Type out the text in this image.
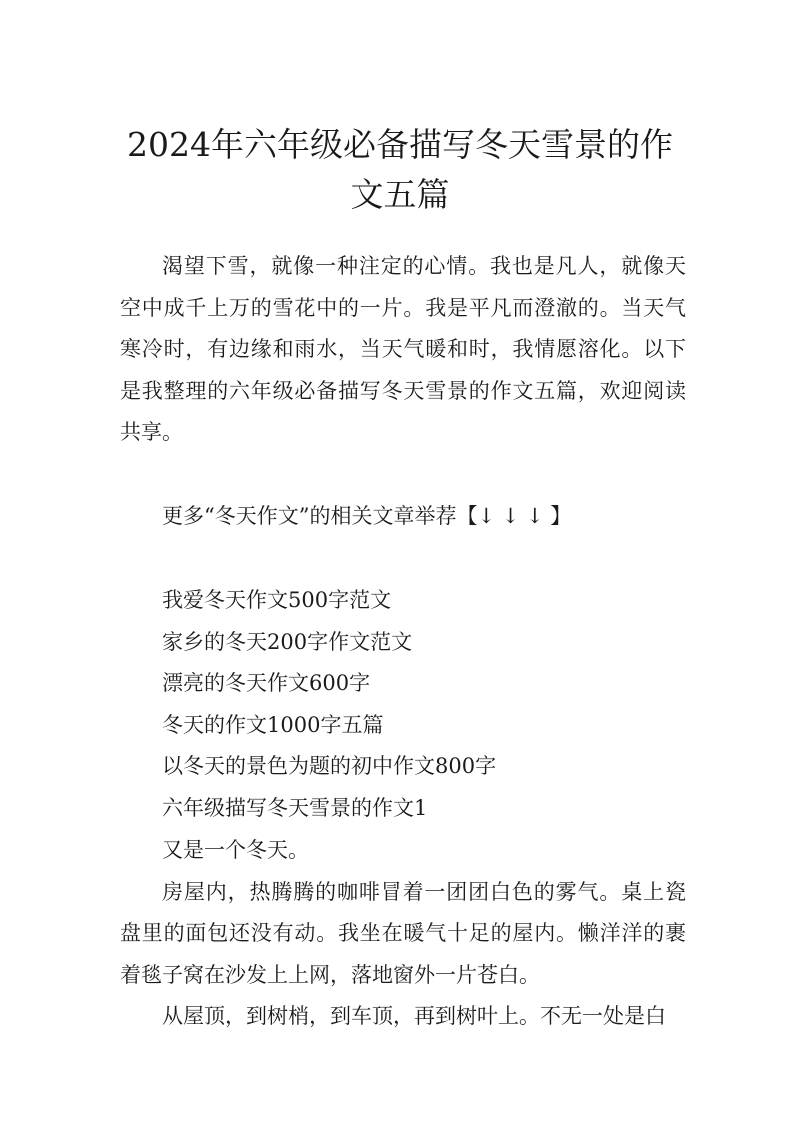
2024年六年级必备描写冬天雪景的作文五篇

渴望下雪，就像一种注定的心情。我也是凡人，就像天空中成千上万的雪花中的一片。我是平凡而澄澈的。当天气寒冷时，有边缘和雨水，当天气暖和时，我情愿溶化。以下是我整理的六年级必备描写冬天雪景的作文五篇，欢迎阅读共享。

更多“冬天作文”的相关文章举荐【↓ ↓ ↓ 】

我爱冬天作文500字范文
家乡的冬天200字作文范文
漂亮的冬天作文600字
冬天的作文1000字五篇
以冬天的景色为题的初中作文800字
六年级描写冬天雪景的作文1

又是一个冬天。

房屋内，热腾腾的咖啡冒着一团团白色的雾气。桌上瓷盘里的面包还没有动。我坐在暖气十足的屋内。懒洋洋的裹着毯子窝在沙发上上网，落地窗外一片苍白。

从屋顶，到树梢，到车顶，再到树叶上。不无一处是白
